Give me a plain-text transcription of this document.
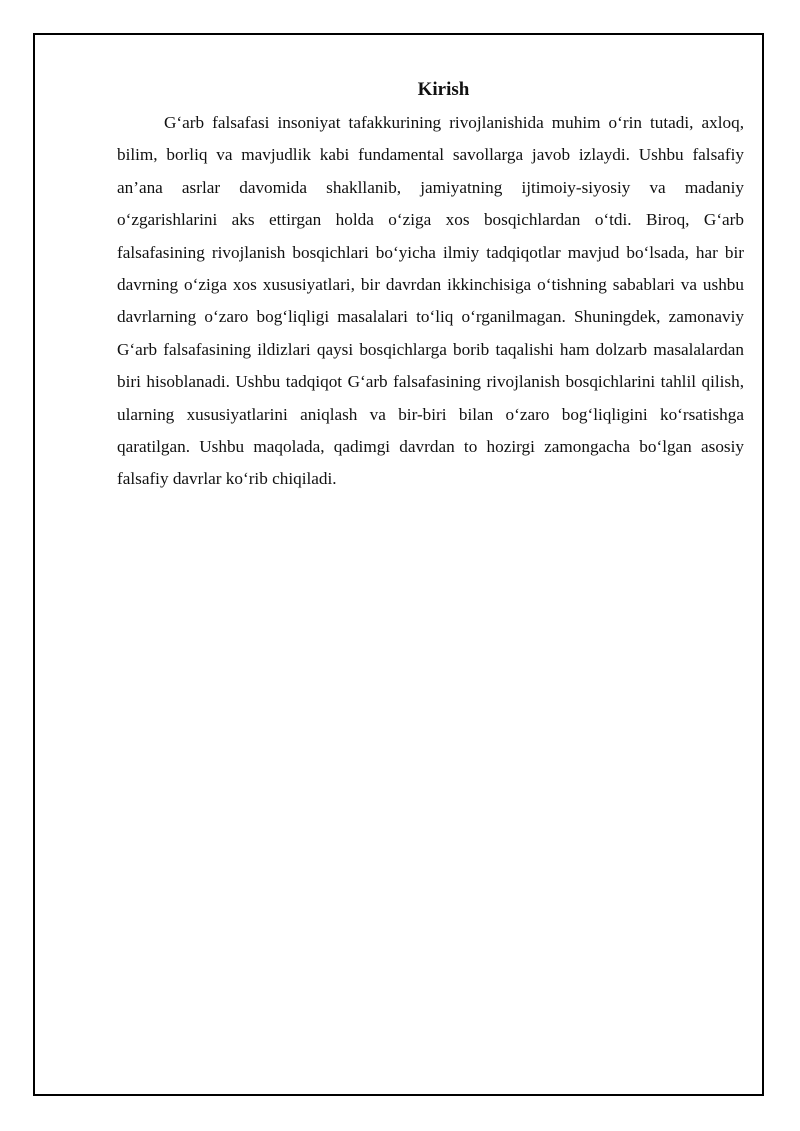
Kirish

G‘arb falsafasi insoniyat tafakkurining rivojlanishida muhim o‘rin tutadi, axloq, bilim, borliq va mavjudlik kabi fundamental savollarga javob izlaydi. Ushbu falsafiy an’ana asrlar davomida shakllanib, jamiyatning ijtimoiy-siyosiy va madaniy o‘zgarishlarini aks ettirgan holda o‘ziga xos bosqichlardan o‘tdi. Biroq, G‘arb falsafasining rivojlanish bosqichlari bo‘yicha ilmiy tadqiqotlar mavjud bo‘lsada, har bir davrning o‘ziga xos xususiyatlari, bir davrdan ikkinchisiga o‘tishning sabablari va ushbu davrlarning o‘zaro bog‘liqligi masalalari to‘liq o‘rganilmagan. Shuningdek, zamonaviy G‘arb falsafasining ildizlari qaysi bosqichlarga borib taqalishi ham dolzarb masalalardan biri hisoblanadi. Ushbu tadqiqot G‘arb falsafasining rivojlanish bosqichlarini tahlil qilish, ularning xususiyatlarini aniqlash va bir-biri bilan o‘zaro bog‘liqligini ko‘rsatishga qaratilgan. Ushbu maqolada, qadimgi davrdan to hozirgi zamongacha bo‘lgan asosiy falsafiy davrlar ko‘rib chiqiladi.
